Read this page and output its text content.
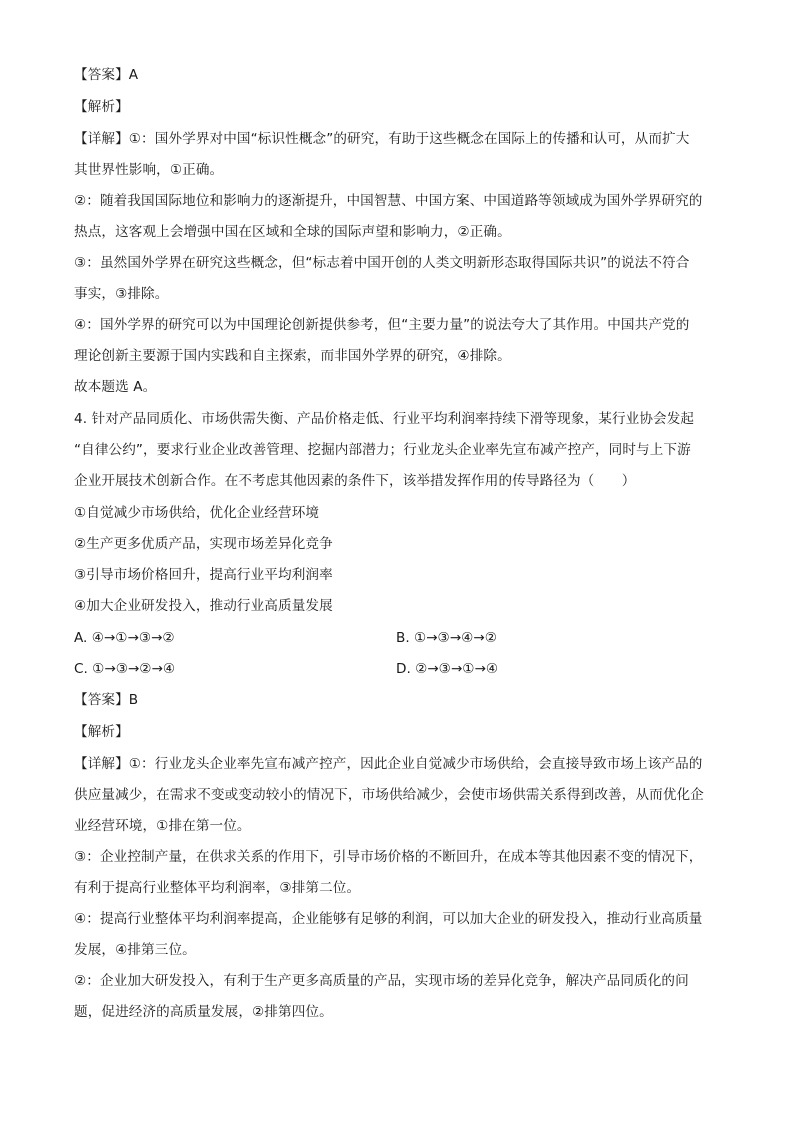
【答案】A
【解析】
【详解】①：国外学界对中国“标识性概念”的研究，有助于这些概念在国际上的传播和认可，从而扩大
其世界性影响，①正确。
②：随着我国国际地位和影响力的逐渐提升，中国智慧、中国方案、中国道路等领域成为国外学界研究的
热点，这客观上会增强中国在区域和全球的国际声望和影响力，②正确。
③：虽然国外学界在研究这些概念，但“标志着中国开创的人类文明新形态取得国际共识”的说法不符合
事实，③排除。
④：国外学界的研究可以为中国理论创新提供参考，但“主要力量”的说法夸大了其作用。中国共产党的
理论创新主要源于国内实践和自主探索，而非国外学界的研究，④排除。
故本题选 A。
4. 针对产品同质化、市场供需失衡、产品价格走低、行业平均利润率持续下滑等现象，某行业协会发起
“自律公约”，要求行业企业改善管理、挖掘内部潜力；行业龙头企业率先宣布减产控产，同时与上下游
企业开展技术创新合作。在不考虑其他因素的条件下，该举措发挥作用的传导路径为（　　）
①自觉减少市场供给，优化企业经营环境
②生产更多优质产品，实现市场差异化竞争
③引导市场价格回升，提高行业平均利润率
④加大企业研发投入，推动行业高质量发展
A. ④→①→③→②	B. ①→③→④→②
C. ①→③→②→④	D. ②→③→①→④
【答案】B
【解析】
【详解】①：行业龙头企业率先宣布减产控产，因此企业自觉减少市场供给，会直接导致市场上该产品的
供应量减少，在需求不变或变动较小的情况下，市场供给减少，会使市场供需关系得到改善，从而优化企
业经营环境，①排在第一位。
③：企业控制产量，在供求关系的作用下，引导市场价格的不断回升，在成本等其他因素不变的情况下，
有利于提高行业整体平均利润率，③排第二位。
④：提高行业整体平均利润率提高，企业能够有足够的利润，可以加大企业的研发投入，推动行业高质量
发展，④排第三位。
②：企业加大研发投入，有利于生产更多高质量的产品，实现市场的差异化竞争，解决产品同质化的问
题，促进经济的高质量发展，②排第四位。
